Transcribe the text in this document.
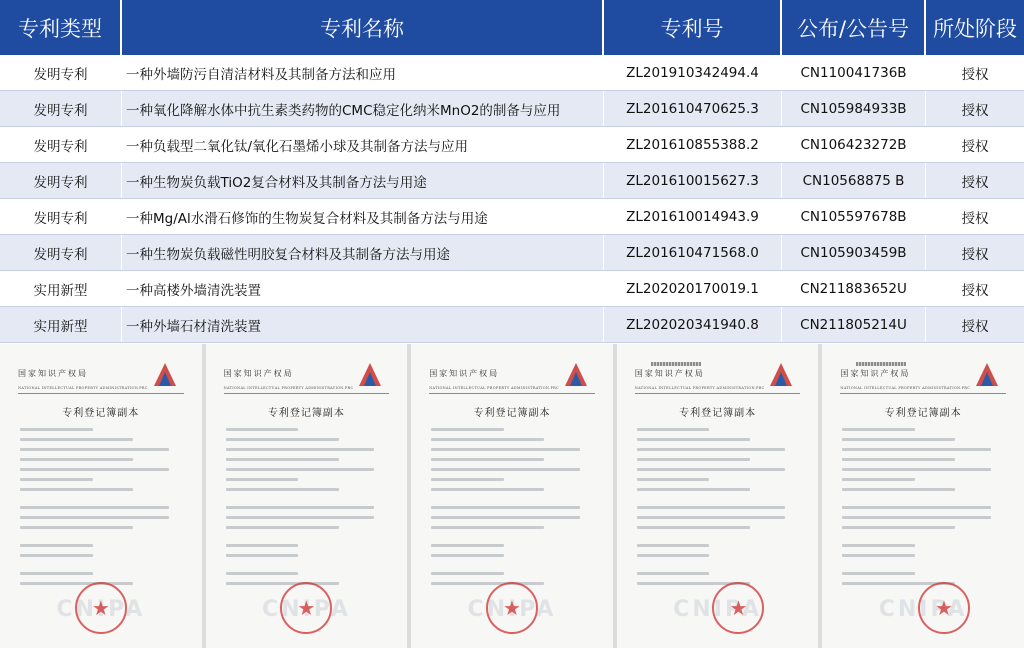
专利类型	专利名称	专利号	公布/公告号	所处阶段
发明专利	一种外墙防污自清洁材料及其制备方法和应用	ZL201910342494.4	CN110041736B	授权
发明专利	一种氧化降解水体中抗生素类药物的CMC稳定化纳米MnO2的制备与应用	ZL201610470625.3	CN105984933B	授权
发明专利	一种负载型二氧化钛/氧化石墨烯小球及其制备方法与应用	ZL201610855388.2	CN106423272B	授权
发明专利	一种生物炭负载TiO2复合材料及其制备方法与用途	ZL201610015627.3	CN10568875 B	授权
发明专利	一种Mg/Al水滑石修饰的生物炭复合材料及其制备方法与用途	ZL201610014943.9	CN105597678B	授权
发明专利	一种生物炭负载磁性明胶复合材料及其制备方法与用途	ZL201610471568.0	CN105903459B	授权
实用新型	一种高楼外墙清洗装置	ZL202020170019.1	CN211883652U	授权
实用新型	一种外墙石材清洗装置	ZL202020341940.8	CN211805214U	授权
国家知识产权局
NATIONAL INTELLECTUAL PROPERTY ADMINISTRATION.PRC
专利登记簿副本
CNIPA
★
国家知识产权局
NATIONAL INTELLECTUAL PROPERTY ADMINISTRATION.PRC
专利登记簿副本
CNIPA
★
国家知识产权局
NATIONAL INTELLECTUAL PROPERTY ADMINISTRATION.PRC
专利登记簿副本
CNIPA
★
国家知识产权局
NATIONAL INTELLECTUAL PROPERTY ADMINISTRATION.PRC
专利登记簿副本
CNIPA
★
国家知识产权局
NATIONAL INTELLECTUAL PROPERTY ADMINISTRATION.PRC
专利登记簿副本
CNIPA
★
